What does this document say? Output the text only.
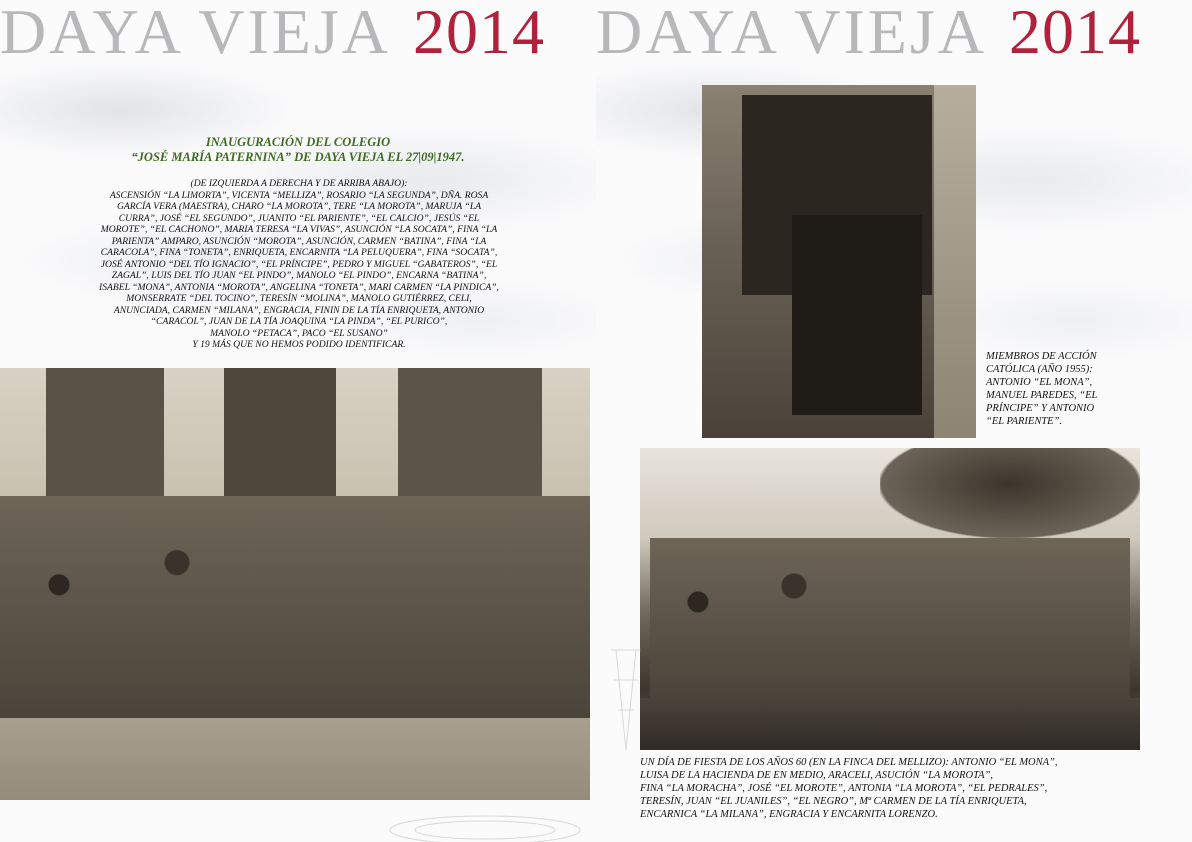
DAYA VIEJA 2014
INAUGURACIÓN DEL COLEGIO
“JOSÉ MARÍA PATERNINA” DE DAYA VIEJA EL 27|09|1947.
(DE IZQUIERDA A DERECHA Y DE ARRIBA ABAJO):
ASCENSIÓN “LA LIMORTA”, VICENTA “MELLIZA”, ROSARIO “LA SEGUNDA”, DÑA. ROSA
GARCÍA VERA (MAESTRA), CHARO “LA MOROTA”, TERE “LA MOROTA”, MARUJA “LA
CURRA”, JOSÉ “EL SEGUNDO”, JUANITO “EL PARIENTE”, “EL CALCIO”, JESÚS “EL
MOROTE”, “EL CACHONO”, MARIA TERESA “LA VIVAS”, ASUNCIÓN “LA SOCATA”, FINA “LA
PARIENTA” AMPARO, ASUNCIÓN “MOROTA”, ASUNCIÓN, CARMEN “BATINA”, FINA “LA
CARACOLA”, FINA “TONETA”, ENRIQUETA, ENCARNITA “LA PELUQUERA”, FINA “SOCATA”,
JOSÉ ANTONIO “DEL TÍO IGNACIO”, “EL PRÍNCIPE”, PEDRO Y MIGUEL “GABATEROS”, “EL
ZAGAL”, LUIS DEL TÍO JUAN “EL PINDO”, MANOLO “EL PINDO”, ENCARNA “BATINA”,
ISABEL “MONA”, ANTONIA “MOROTA”, ANGELINA “TONETA”, MARI CARMEN “LA PINDICA”,
MONSERRATE “DEL TOCINO”, TERESÍN “MOLINA”, MANOLO GUTIÉRREZ, CELI,
ANUNCIADA, CARMEN “MILANA”, ENGRACIA, FININ DE LA TÍA ENRIQUETA, ANTONIO
“CARACOL”, JUAN DE LA TÍA JOAQUINA “LA PINDA”, “EL PURICO”,
MANOLO “PETACA”, PACO “EL SUSANO”
Y 19 MÁS QUE NO HEMOS PODIDO IDENTIFICAR.
DAYA VIEJA 2014
MIEMBROS DE ACCIÓN
CATÓLICA (AÑO 1955):
ANTONIO “EL MONA”,
MANUEL PAREDES, “EL
PRÍNCIPE” Y ANTONIO
“EL PARIENTE”.
UN DÍA DE FIESTA DE LOS AÑOS 60 (EN LA FINCA DEL MELLIZO): ANTONIO “EL MONA”,
LUISA DE LA HACIENDA DE EN MEDIO, ARACELI, ASUCIÓN “LA MOROTA”,
FINA “LA MORACHA”, JOSÉ “EL MOROTE”, ANTONIA “LA MOROTA”, “EL PEDRALES”,
TERESÍN, JUAN “EL JUANILES”, “EL NEGRO”, Mª CARMEN DE LA TÍA ENRIQUETA,
ENCARNICA “LA MILANA”, ENGRACIA Y ENCARNITA LORENZO.
